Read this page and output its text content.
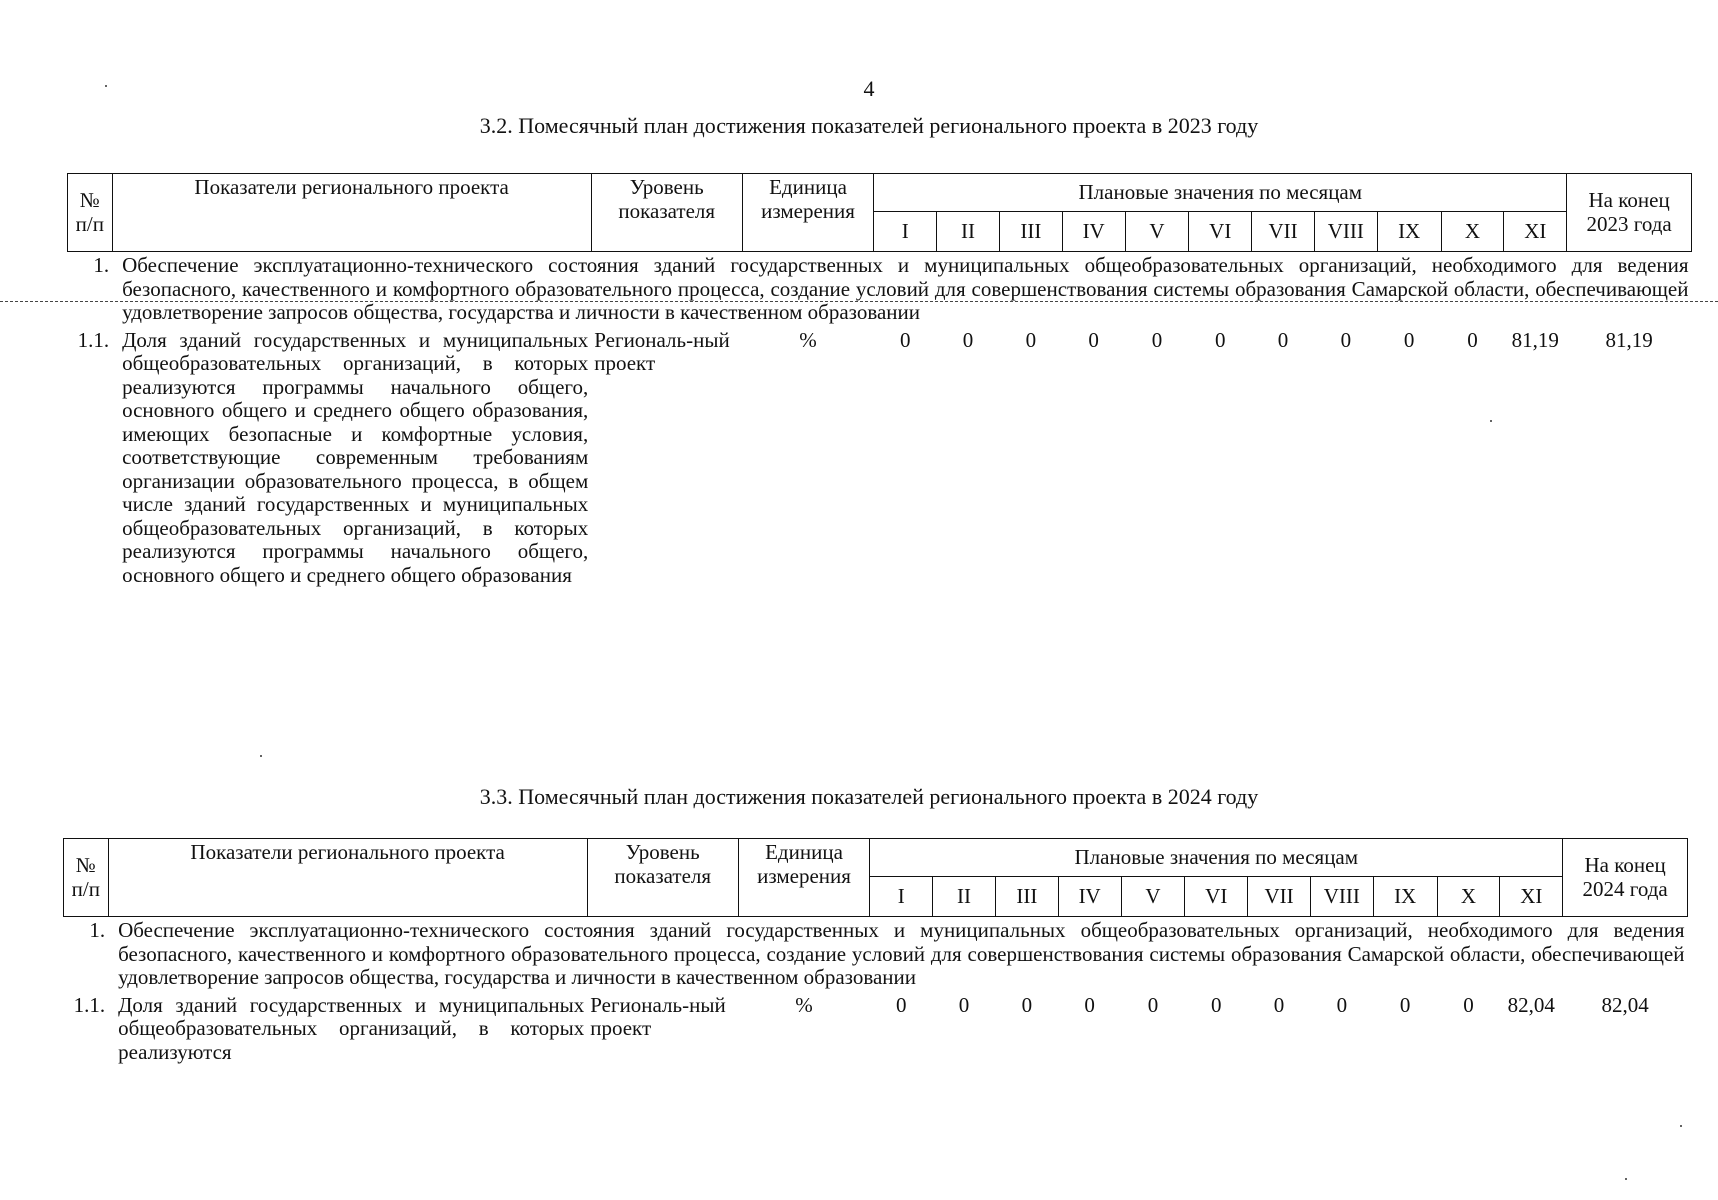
4
3.2. Помесячный план достижения показателей регионального проекта в 2023 году
№ п/п	Показатели регионального проекта	Уровень показателя	Единица измерения	Плановые значения по месяцам											На конец 2023 года
				I	II	III	IV	V	VI	VII	VIII	IX	X	XI	
1.	Обеспечение эксплуатационно-технического состояния зданий государственных и муниципальных общеобразовательных организаций, необходимого для ведения безопасного, качественного и комфортного образовательного процесса, создание условий для совершенствования системы образования Самарской области, обеспечивающей удовлетворение запросов общества, государства и личности в качественном образовании														
1.1.	Доля зданий государственных и муниципальных общеобразовательных организаций, в которых реализуются программы начального общего, основного общего и среднего общего образования, имеющих безопасные и комфортные условия, соответствующие современным требованиям организации образовательного процесса, в общем числе зданий государственных и муниципальных общеобразовательных организаций, в которых реализуются программы начального общего, основного общего и среднего общего образования	Региональ-ный проект	%	0	0	0	0	0	0	0	0	0	0	81,19	81,19
3.3. Помесячный план достижения показателей регионального проекта в 2024 году
№ п/п	Показатели регионального проекта	Уровень показателя	Единица измерения	Плановые значения по месяцам											На конец 2024 года
				I	II	III	IV	V	VI	VII	VIII	IX	X	XI	
1.	Обеспечение эксплуатационно-технического состояния зданий государственных и муниципальных общеобразовательных организаций, необходимого для ведения безопасного, качественного и комфортного образовательного процесса, создание условий для совершенствования системы образования Самарской области, обеспечивающей удовлетворение запросов общества, государства и личности в качественном образовании														
1.1.	Доля зданий государственных и муниципальных общеобразовательных организаций, в которых реализуются	Региональ-ный проект	%	0	0	0	0	0	0	0	0	0	0	82,04	82,04
